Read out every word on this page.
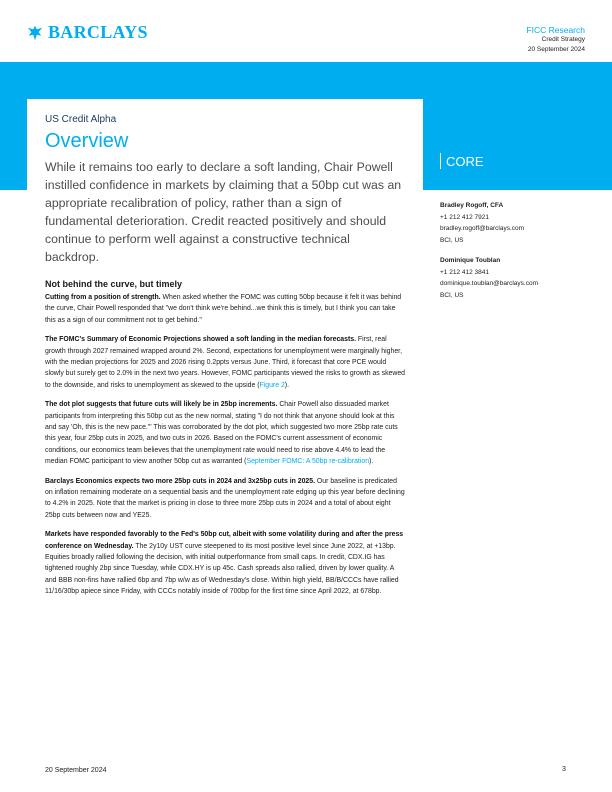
BARCLAYS	FICC Research
Credit Strategy
20 September 2024
CORE

US Credit Alpha

Overview

While it remains too early to declare a soft landing, Chair Powell instilled confidence in markets by claiming that a 50bp cut was an appropriate recalibration of policy, rather than a sign of fundamental deterioration. Credit reacted positively and should continue to perform well against a constructive technical backdrop.

Not behind the curve, but timely

Cutting from a position of strength. When asked whether the FOMC was cutting 50bp because it felt it was behind the curve, Chair Powell responded that "we don't think we're behind...we think this is timely, but I think you can take this as a sign of our commitment not to get behind."

The FOMC's Summary of Economic Projections showed a soft landing in the median forecasts. First, real growth through 2027 remained wrapped around 2%. Second, expectations for unemployment were marginally higher, with the median projections for 2025 and 2026 rising 0.2ppts versus June. Third, it forecast that core PCE would slowly but surely get to 2.0% in the next two years. However, FOMC participants viewed the risks to growth as skewed to the downside, and risks to unemployment as skewed to the upside (Figure 2).

The dot plot suggests that future cuts will likely be in 25bp increments. Chair Powell also dissuaded market participants from interpreting this 50bp cut as the new normal, stating "I do not think that anyone should look at this and say 'Oh, this is the new pace.'" This was corroborated by the dot plot, which suggested two more 25bp rate cuts this year, four 25bp cuts in 2025, and two cuts in 2026. Based on the FOMC's current assessment of economic conditions, our economics team believes that the unemployment rate would need to rise above 4.4% to lead the median FOMC participant to view another 50bp cut as warranted (September FOMC: A 50bp re-calibration).

Barclays Economics expects two more 25bp cuts in 2024 and 3x25bp cuts in 2025. Our baseline is predicated on inflation remaining moderate on a sequential basis and the unemployment rate edging up this year before declining to 4.2% in 2025. Note that the market is pricing in close to three more 25bp cuts in 2024 and a total of about eight 25bp cuts between now and YE25.

Markets have responded favorably to the Fed's 50bp cut, albeit with some volatility during and after the press conference on Wednesday. The 2y10y UST curve steepened to its most positive level since June 2022, at +13bp. Equities broadly rallied following the decision, with initial outperformance from small caps. In credit, CDX.IG has tightened roughly 2bp since Tuesday, while CDX.HY is up 45c. Cash spreads also rallied, driven by lower quality. A and BBB non-fins have rallied 6bp and 7bp w/w as of Wednesday's close. Within high yield, BB/B/CCCs have rallied 11/16/30bp apiece since Friday, with CCCs notably inside of 700bp for the first time since April 2022, at 678bp.

Bradley Rogoff, CFA
+1 212 412 7921
bradley.rogoff@barclays.com
BCI, US
Dominique Toublan
+1 212 412 3841
dominique.toublan@barclays.com
BCI, US
20 September 2024	3
